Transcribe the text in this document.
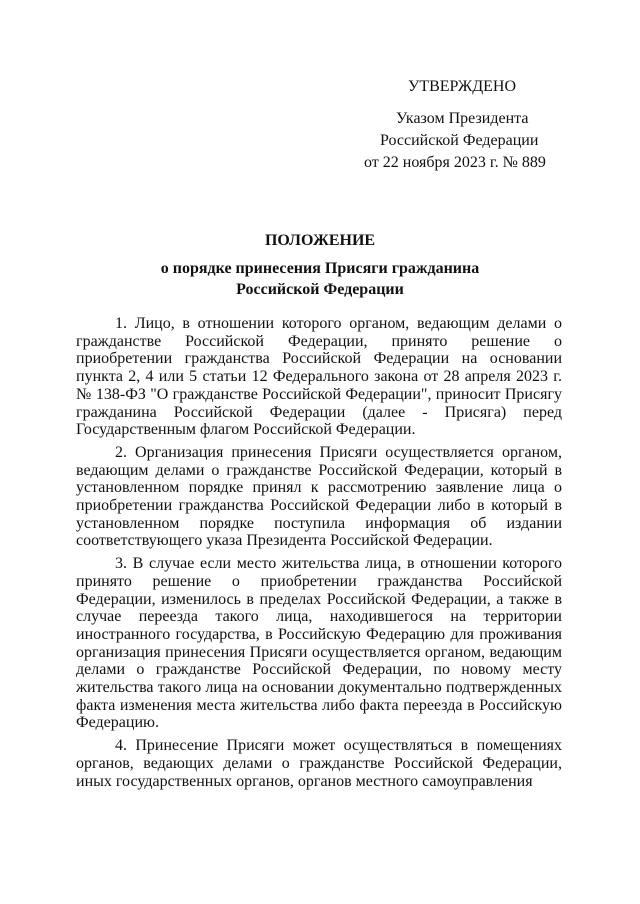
УТВЕРЖДЕНО
Указом Президента
Российской Федерации
от 22 ноября 2023 г. № 889
ПОЛОЖЕНИЕ
о порядке принесения Присяги гражданина
Российской Федерации

1. Лицо, в отношении которого органом, ведающим делами о гражданстве Российской Федерации, принято решение о приобретении гражданства Российской Федерации на основании пункта 2, 4 или 5 статьи 12 Федерального закона от 28 апреля 2023 г. № 138-ФЗ "О гражданстве Российской Федерации", приносит Присягу гражданина Российской Федерации (далее - Присяга) перед Государственным флагом Российской Федерации.

2. Организация принесения Присяги осуществляется органом, ведающим делами о гражданстве Российской Федерации, который в установленном порядке принял к рассмотрению заявление лица о приобретении гражданства Российской Федерации либо в который в установленном порядке поступила информация об издании соответствующего указа Президента Российской Федерации.

3. В случае если место жительства лица, в отношении которого принято решение о приобретении гражданства Российской Федерации, изменилось в пределах Российской Федерации, а также в случае переезда такого лица, находившегося на территории иностранного государства, в Российскую Федерацию для проживания организация принесения Присяги осуществляется органом, ведающим делами о гражданстве Российской Федерации, по новому месту жительства такого лица на основании документально подтвержденных факта изменения места жительства либо факта переезда в Российскую Федерацию.

4. Принесение Присяги может осуществляться в помещениях органов, ведающих делами о гражданстве Российской Федерации, иных государственных органов, органов местного самоуправления
